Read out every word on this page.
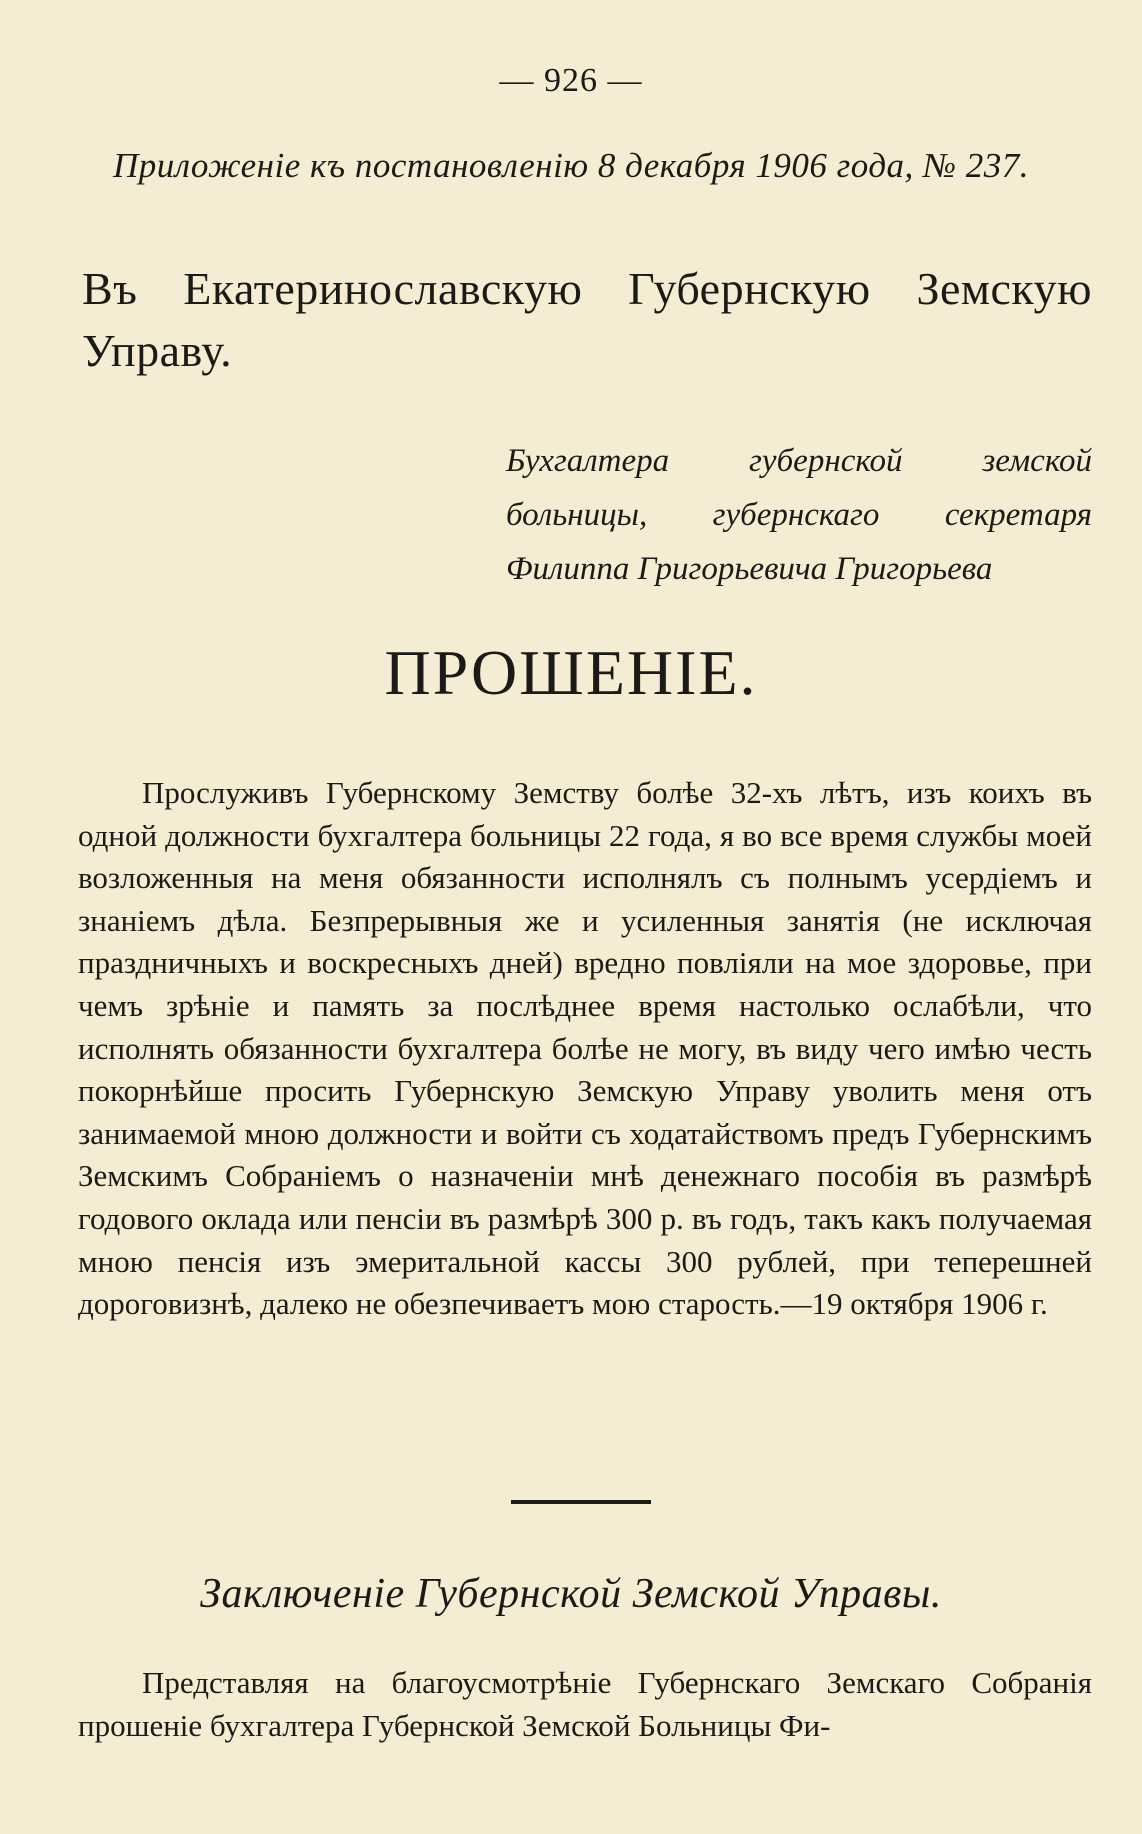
— 926 —
Приложенiе къ постановленiю 8 декабря 1906 года, № 237.
Въ Екатеринославскую Губернскую Земскую Управу.
Бухгалтера губернской земской больницы, губернскаго секретаря Филиппа Григорьевича Григорьева
ПРОШЕНIЕ.

Прослуживъ Губернскому Земству болѣе 32-хъ лѣтъ, изъ коихъ въ одной должности бухгалтера больницы 22 года, я во все время службы моей возложенныя на меня обязанности исполнялъ съ полнымъ усердiемъ и знанiемъ дѣла. Безпрерывныя же и усиленныя занятiя (не исключая праздничныхъ и воскресныхъ дней) вредно повлiяли на мое здоровье, при чемъ зрѣнiе и память за послѣднее время настолько ослабѣли, что исполнять обязанности бухгалтера болѣе не могу, въ виду чего имѣю честь покорнѣйше просить Губернскую Земскую Управу уволить меня отъ занимаемой мною должности и войти съ ходатайствомъ предъ Губернскимъ Земскимъ Собранiемъ о назначенiи мнѣ денежнаго пособiя въ размѣрѣ годового оклада или пенсiи въ размѣрѣ 300 р. въ годъ, такъ какъ получаемая мною пенсiя изъ эмеритальной кассы 300 рублей, при теперешней дороговизнѣ, далеко не обезпечиваетъ мою старость.—19 октября 1906 г.

Заключенiе Губернской Земской Управы.

Представляя на благоусмотрѣнiе Губернскаго Земскаго Собранiя прошенiе бухгалтера Губернской Земской Больницы Фи-
